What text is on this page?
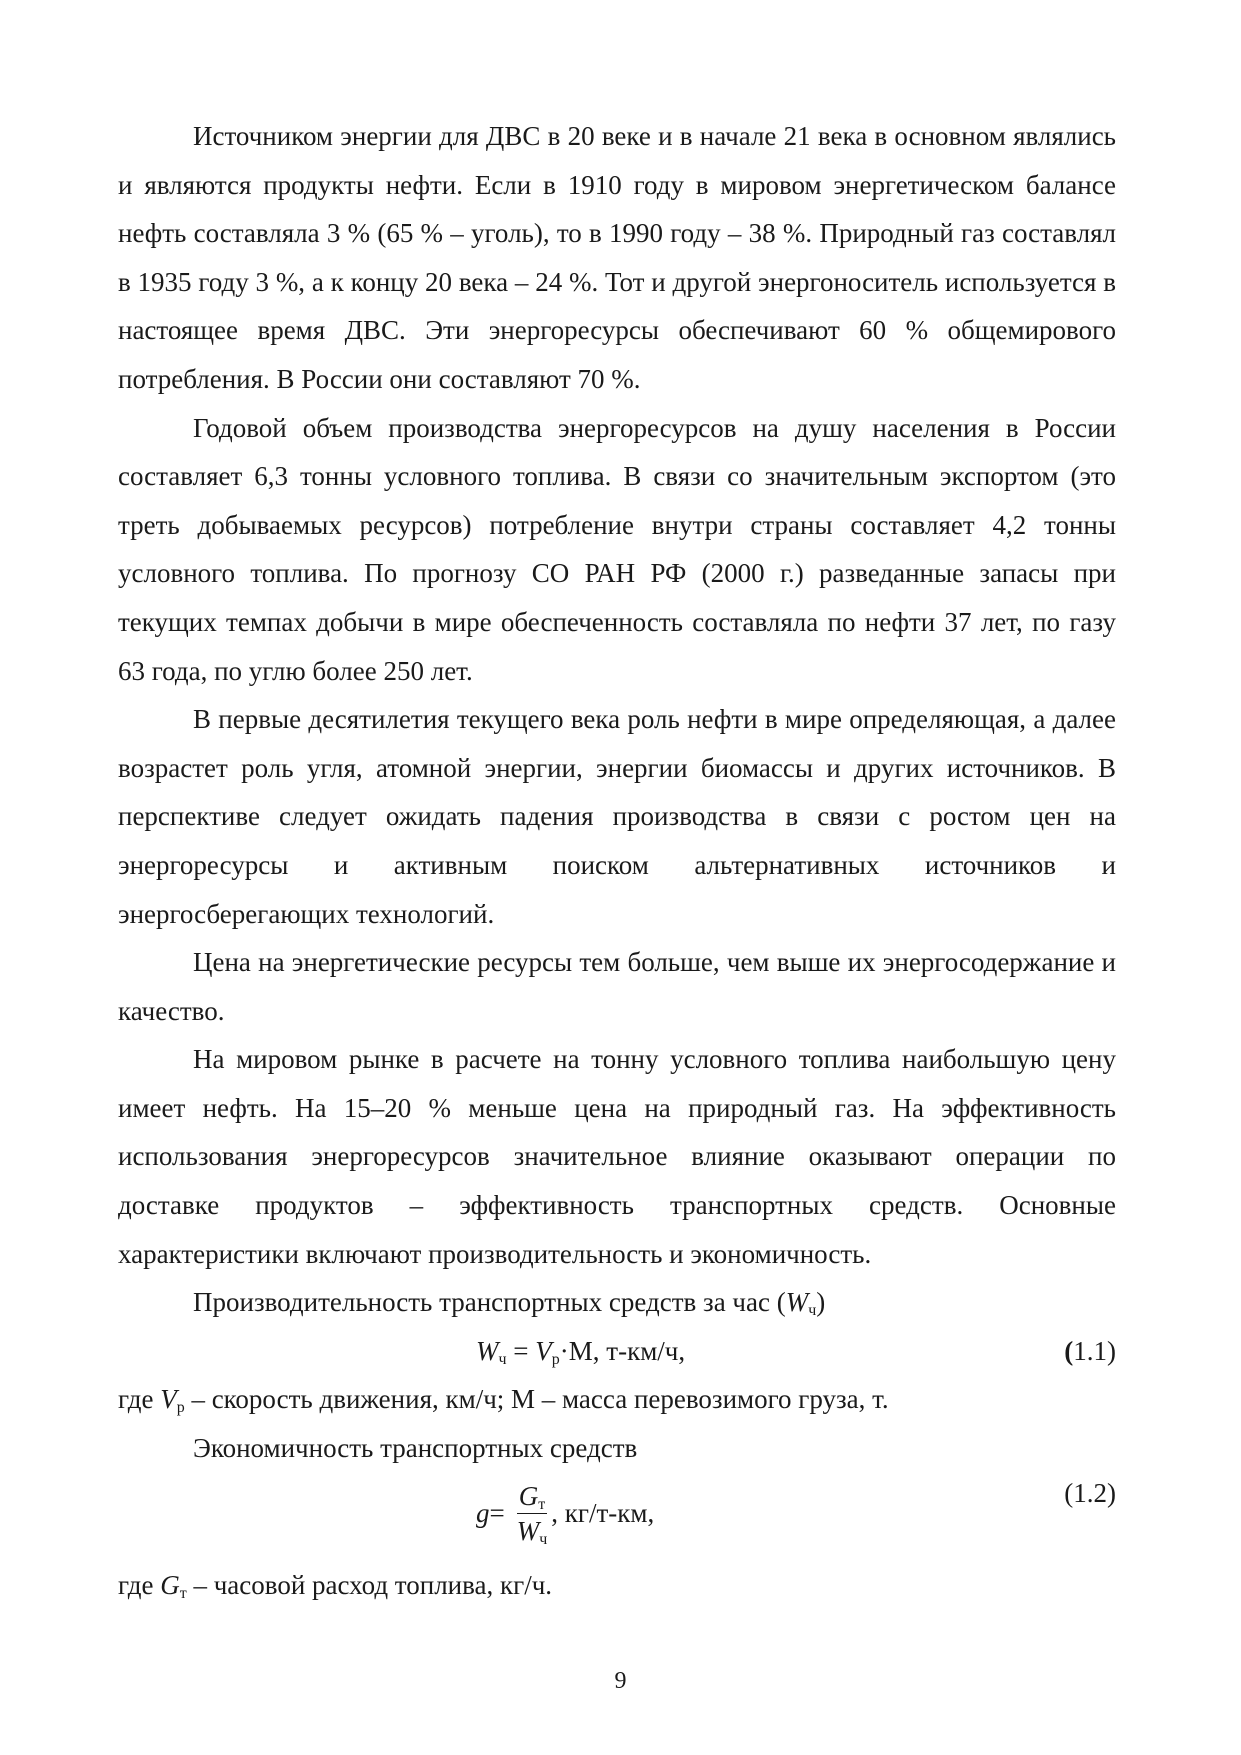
Источником энергии для ДВС в 20 веке и в начале 21 века в основном являлись и являются продукты нефти. Если в 1910 году в мировом энергетическом балансе нефть составляла 3 % (65 % – уголь), то в 1990 году – 38 %. Природный газ составлял в 1935 году 3 %, а к концу 20 века – 24 %. Тот и другой энергоноситель используется в настоящее время ДВС. Эти энергоресурсы обеспечивают 60 % общемирового потребления. В России они составляют 70 %.

Годовой объем производства энергоресурсов на душу населения в России составляет 6,3 тонны условного топлива. В связи со значительным экспортом (это треть добываемых ресурсов) потребление внутри страны составляет 4,2 тонны условного топлива. По прогнозу СО РАН РФ (2000 г.) разведанные запасы при текущих темпах добычи в мире обеспеченность составляла по нефти 37 лет, по газу 63 года, по углю более 250 лет.

В первые десятилетия текущего века роль нефти в мире определяющая, а далее возрастет роль угля, атомной энергии, энергии биомассы и других источников. В перспективе следует ожидать падения производства в связи с ростом цен на энергоресурсы и активным поиском альтернативных источников и энергосберегающих технологий.

Цена на энергетические ресурсы тем больше, чем выше их энергосодержание и качество.

На мировом рынке в расчете на тонну условного топлива наибольшую цену имеет нефть. На 15–20 % меньше цена на природный газ. На эффективность использования энергоресурсов значительное влияние оказывают операции по доставке продуктов – эффективность транспортных средств. Основные характеристики включают производительность и экономичность.

Производительность транспортных средств за час $(W_ч)$

$W_ч = V_р\cdot М$, т-км/ч,	(1.1)

где $V_р$ – скорость движения, км/ч; М – масса перевозимого груза, т.

Экономичность транспортных средств

$g = \frac{G_т}{W_ч}$ , кг/т-км,
(1.2)

где $G_т$ – часовой расход топлива, кг/ч.

9
